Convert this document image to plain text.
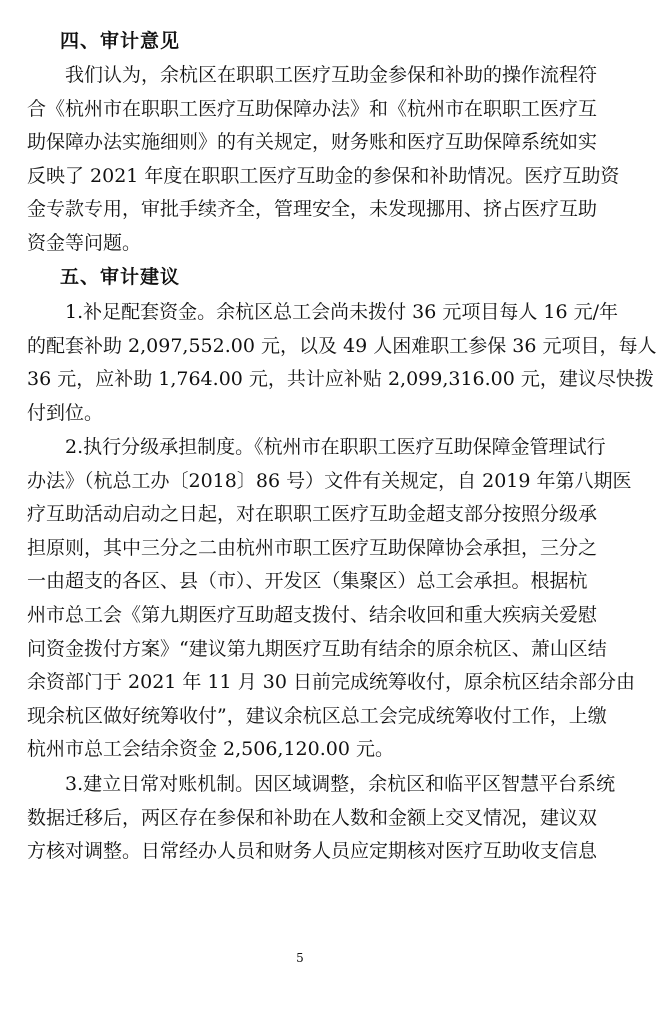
四、审计意见
我们认为，余杭区在职职工医疗互助金参保和补助的操作流程符
合《杭州市在职职工医疗互助保障办法》和《杭州市在职职工医疗互
助保障办法实施细则》的有关规定，财务账和医疗互助保障系统如实
反映了 2021 年度在职职工医疗互助金的参保和补助情况。医疗互助资
金专款专用，审批手续齐全，管理安全，未发现挪用、挤占医疗互助
资金等问题。
五、审计建议
1.补足配套资金。余杭区总工会尚未拨付 36 元项目每人 16 元/年
的配套补助 2,097,552.00 元，以及 49 人困难职工参保 36 元项目，每人
36 元，应补助 1,764.00 元，共计应补贴 2,099,316.00 元，建议尽快拨
付到位。
2.执行分级承担制度。《杭州市在职职工医疗互助保障金管理试行
办法》（杭总工办〔2018〕86 号）文件有关规定，自 2019 年第八期医
疗互助活动启动之日起，对在职职工医疗互助金超支部分按照分级承
担原则，其中三分之二由杭州市职工医疗互助保障协会承担，三分之
一由超支的各区、县（市）、开发区（集聚区）总工会承担。根据杭
州市总工会《第九期医疗互助超支拨付、结余收回和重大疾病关爱慰
问资金拨付方案》“建议第九期医疗互助有结余的原余杭区、萧山区结
余资部门于 2021 年 11 月 30 日前完成统筹收付，原余杭区结余部分由
现余杭区做好统筹收付”，建议余杭区总工会完成统筹收付工作，上缴
杭州市总工会结余资金 2,506,120.00 元。
3.建立日常对账机制。因区域调整，余杭区和临平区智慧平台系统
数据迁移后，两区存在参保和补助在人数和金额上交叉情况，建议双
方核对调整。日常经办人员和财务人员应定期核对医疗互助收支信息
5
